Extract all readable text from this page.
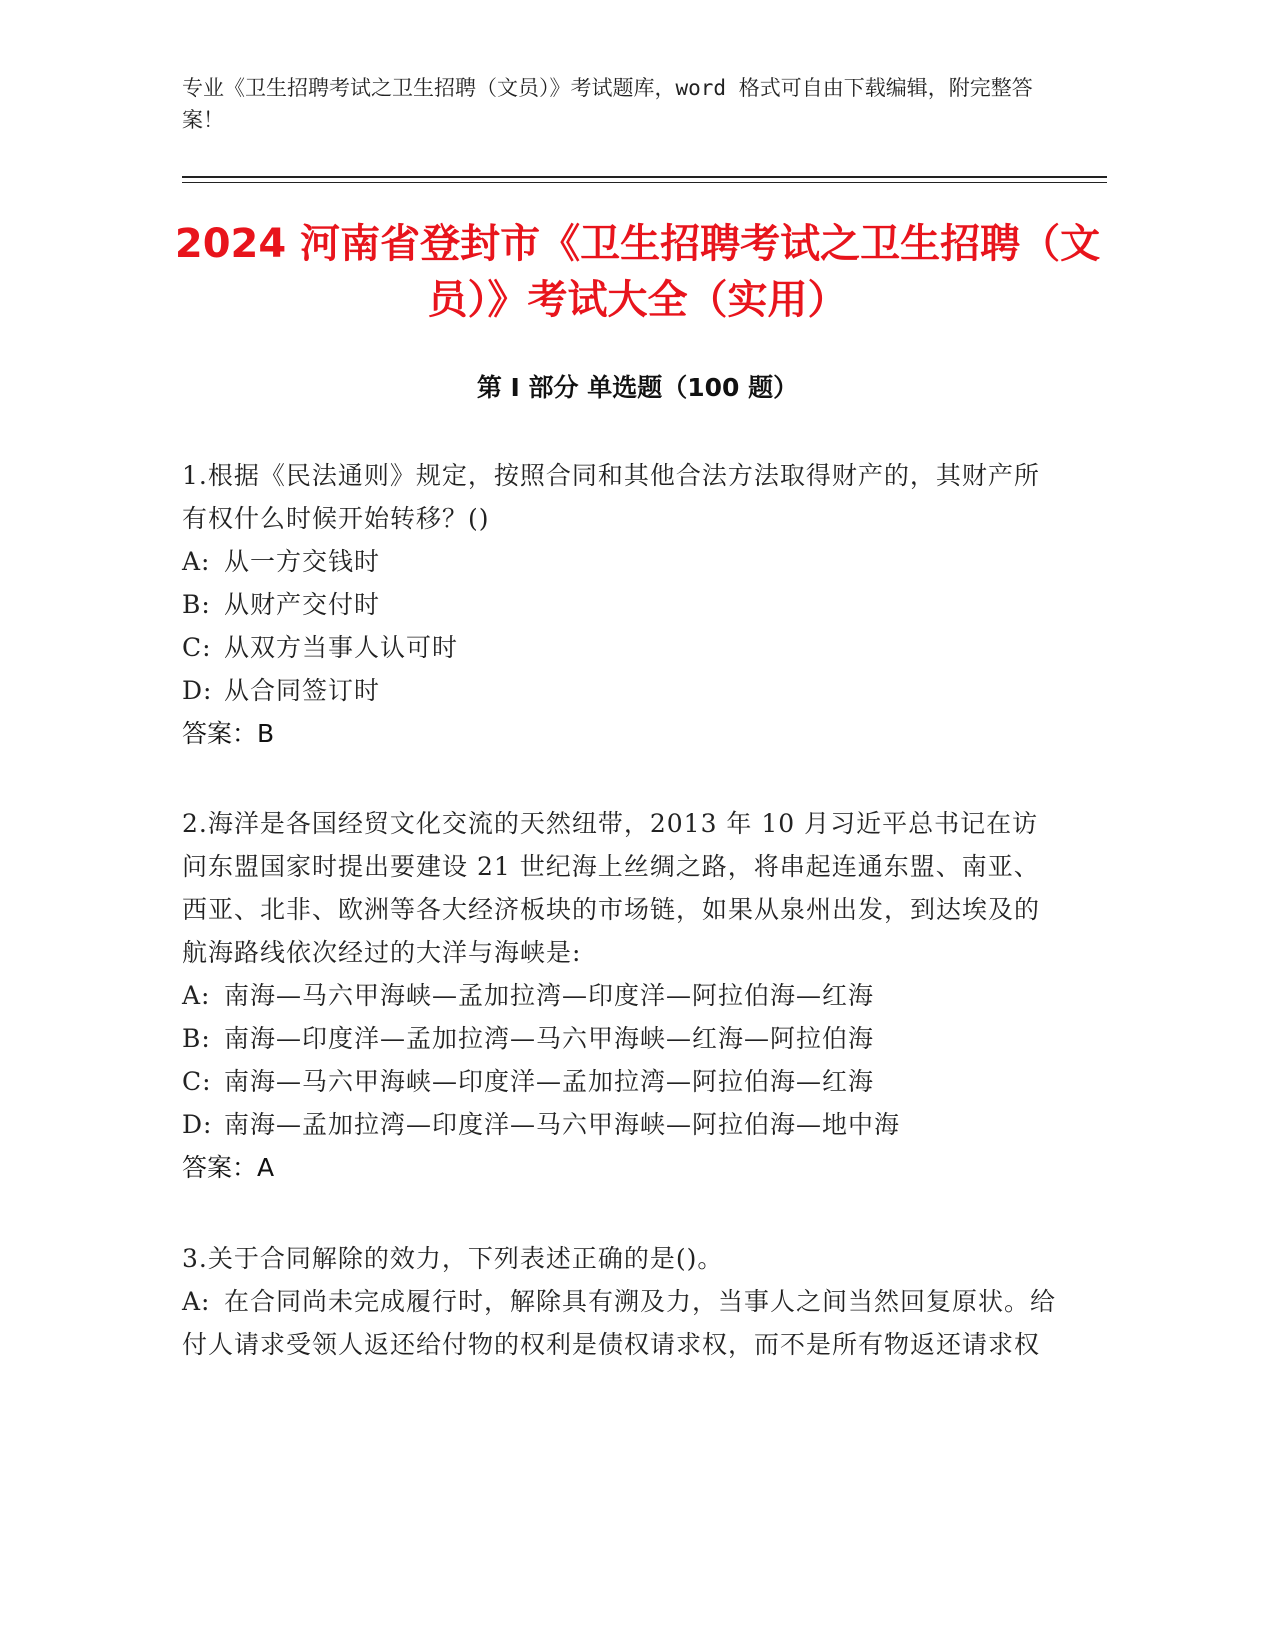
专业《卫生招聘考试之卫生招聘（文员）》考试题库，word 格式可自由下载编辑，附完整答案！

2024 河南省登封市《卫生招聘考试之卫生招聘（文员）》考试大全（实用）
第 I 部分 单选题（100 题）

1.根据《民法通则》规定，按照合同和其他合法方法取得财产的，其财产所有权什么时候开始转移？()

A: 从一方交钱时

B: 从财产交付时

C: 从双方当事人认可时

D: 从合同签订时

答案：B

2.海洋是各国经贸文化交流的天然纽带，2013 年 10 月习近平总书记在访问东盟国家时提出要建设 21 世纪海上丝绸之路，将串起连通东盟、南亚、西亚、北非、欧洲等各大经济板块的市场链，如果从泉州出发，到达埃及的航海路线依次经过的大洋与海峡是:

A: 南海—马六甲海峡—孟加拉湾—印度洋—阿拉伯海—红海

B: 南海—印度洋—孟加拉湾—马六甲海峡—红海—阿拉伯海

C: 南海—马六甲海峡—印度洋—孟加拉湾—阿拉伯海—红海

D: 南海—孟加拉湾—印度洋—马六甲海峡—阿拉伯海—地中海

答案：A

3.关于合同解除的效力，下列表述正确的是()。

A: 在合同尚未完成履行时，解除具有溯及力，当事人之间当然回复原状。给付人请求受领人返还给付物的权利是债权请求权，而不是所有物返还请求权
